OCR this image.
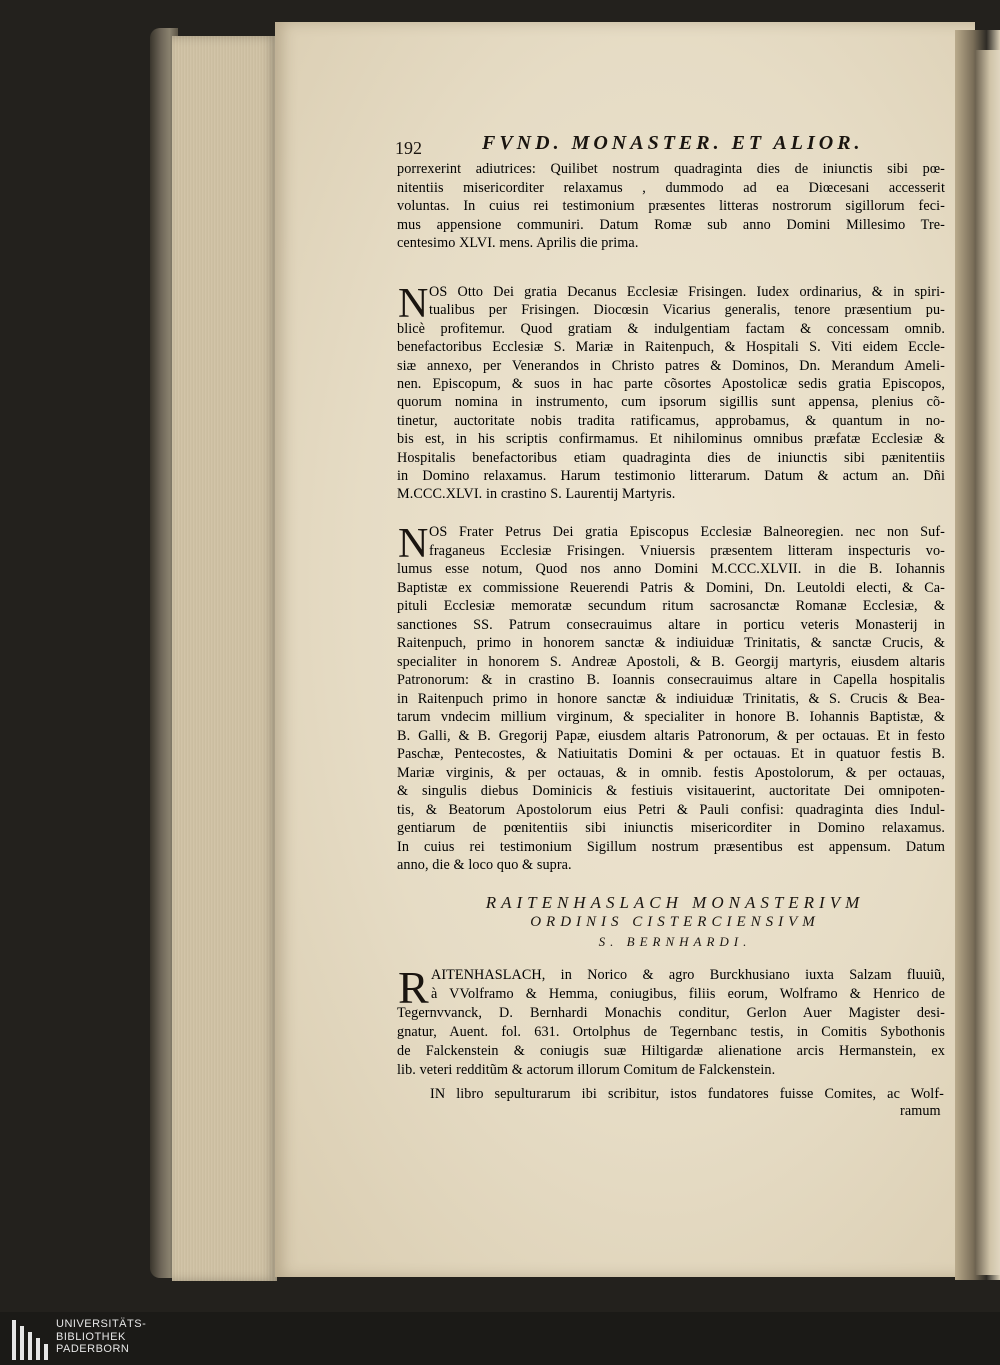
192	FVND. MONASTER. ET ALIOR.
porrexerint adiutrices: Quilibet nostrum quadraginta dies de iniunctis sibi pœ-
nitentiis misericorditer relaxamus , dummodo ad ea Diœcesani accesserit
voluntas. In cuius rei testimonium præsentes litteras nostrorum sigillorum feci-
mus appensione communiri. Datum Romæ sub anno Domini Millesimo Tre-
centesimo XLVI. mens. Aprilis die prima.
N OS Otto Dei gratia Decanus Ecclesiæ Frisingen. Iudex ordinarius, & in spiri-
tualibus per Frisingen. Diocœsin Vicarius generalis, tenore præsentium pu-
blicè profitemur. Quod gratiam & indulgentiam factam & concessam omnib.
benefactoribus Ecclesiæ S. Mariæ in Raitenpuch, & Hospitali S. Viti eidem Eccle-
siæ annexo, per Venerandos in Christo patres & Dominos, Dn. Merandum Ameli-
nen. Episcopum, & suos in hac parte cõsortes Apostolicæ sedis gratia Episcopos,
quorum nomina in instrumento, cum ipsorum sigillis sunt appensa, plenius cõ-
tinetur, auctoritate nobis tradita ratificamus, approbamus, & quantum in no-
bis est, in his scriptis confirmamus. Et nihilominus omnibus præfatæ Ecclesiæ &
Hospitalis benefactoribus etiam quadraginta dies de iniunctis sibi pænitentiis
in Domino relaxamus. Harum testimonio litterarum. Datum & actum an. Dñi
M.CCC.XLVI. in crastino S. Laurentij Martyris.
N OS Frater Petrus Dei gratia Episcopus Ecclesiæ Balneoregien. nec non Suf-
fraganeus Ecclesiæ Frisingen. Vniuersis præsentem litteram inspecturis vo-
lumus esse notum, Quod nos anno Domini M.CCC.XLVII. in die B. Iohannis
Baptistæ ex commissione Reuerendi Patris & Domini, Dn. Leutoldi electi, & Ca-
pituli Ecclesiæ memoratæ secundum ritum sacrosanctæ Romanæ Ecclesiæ, &
sanctiones SS. Patrum consecrauimus altare in porticu veteris Monasterij in
Raitenpuch, primo in honorem sanctæ & indiuiduæ Trinitatis, & sanctæ Crucis, &
specialiter in honorem S. Andreæ Apostoli, & B. Georgij martyris, eiusdem altaris
Patronorum: & in crastino B. Ioannis consecrauimus altare in Capella hospitalis
in Raitenpuch primo in honore sanctæ & indiuiduæ Trinitatis, & S. Crucis & Bea-
tarum vndecim millium virginum, & specialiter in honore B. Iohannis Baptistæ, &
B. Galli, & B. Gregorij Papæ, eiusdem altaris Patronorum, & per octauas. Et in festo
Paschæ, Pentecostes, & Natiuitatis Domini & per octauas. Et in quatuor festis B.
Mariæ virginis, & per octauas, & in omnib. festis Apostolorum, & per octauas,
& singulis diebus Dominicis & festiuis visitauerint, auctoritate Dei omnipoten-
tis, & Beatorum Apostolorum eius Petri & Pauli confisi: quadraginta dies Indul-
gentiarum de pœnitentiis sibi iniunctis misericorditer in Domino relaxamus.
In cuius rei testimonium Sigillum nostrum præsentibus est appensum. Datum
anno, die & loco quo & supra.
RAITENHASLACH MONASTERIVM
ORDINIS CISTERCIENSIVM
S. BERNHARDI.
R AITENHASLACH, in Norico & agro Burckhusiano iuxta Salzam fluuiũ,
à VVolframo & Hemma, coniugibus, filiis eorum, Wolframo & Henrico de
Tegernvvanck, D. Bernhardi Monachis conditur, Gerlon Auer Magister desi-
gnatur, Auent. fol. 631. Ortolphus de Tegernbanc testis, in Comitis Sybothonis
de Falckenstein & coniugis suæ Hiltigardæ alienatione arcis Hermanstein, ex
lib. veteri redditũm & actorum illorum Comitum de Falckenstein.
IN libro sepulturarum ibi scribitur, istos fundatores fuisse Comites, ac Wolf-
ramum
UNIVERSITÄTS-
BIBLIOTHEK
PADERBORN
